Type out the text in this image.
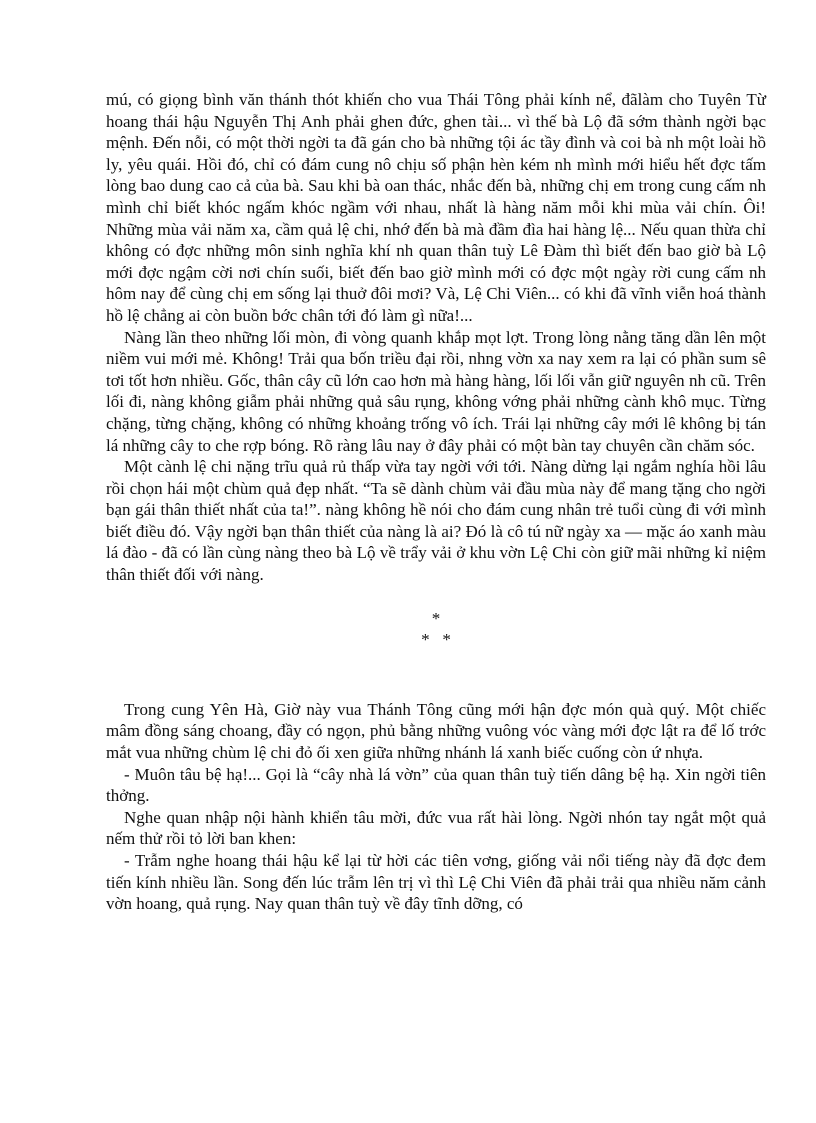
mú, có giọng bình văn thánh thót khiến cho vua Thái Tông phải kính nể, đãlàm cho Tuyên Từ hoang thái hậu Nguyễn Thị Anh phải ghen đức, ghen tài... vì thế bà Lộ đã sớm thành ngời bạc mệnh. Đến nỗi, có một thời ngời ta đã gán cho bà những tội ác tầy đình và coi bà nh một loài hồ ly, yêu quái. Hồi đó, chỉ có đám cung nô chịu số phận hèn kém nh mình mới hiểu hết đợc tấm lòng bao dung cao cả của bà. Sau khi bà oan thác, nhắc đến bà, những chị em trong cung cấm nh mình chỉ biết khóc ngấm khóc ngầm với nhau, nhất là hàng năm mỗi khi mùa vải chín. Ôi! Những mùa vải năm xa, cầm quả lệ chi, nhớ đến bà mà đầm đìa hai hàng lệ... Nếu quan thừa chỉ không có đợc những môn sinh nghĩa khí nh quan thân tuỳ Lê Đàm thì biết đến bao giờ bà Lộ mới đợc ngậm cời nơi chín suối, biết đến bao giờ mình mới có đợc một ngày rời cung cấm nh hôm nay để cùng chị em sống lại thuở đôi mơi? Và, Lệ Chi Viên... có khi đã vĩnh viễn hoá thành hồ lệ chẳng ai còn buồn bớc chân tới đó làm gì nữa!...

Nàng lần theo những lối mòn, đi vòng quanh khắp mọt lợt. Trong lòng nằng tăng dần lên một niềm vui mới mẻ. Không! Trải qua bốn triều đại rồi, nhng vờn xa nay xem ra lại có phần sum sê tơi tốt hơn nhiều. Gốc, thân cây cũ lớn cao hơn mà hàng hàng, lối lối vẫn giữ nguyên nh cũ. Trên lối đi, nàng không giẫm phải những quả sâu rụng, không vớng phải những cành khô mục. Từng chặng, từng chặng, không có những khoảng trống vô ích. Trái lại những cây mới lê không bị tán lá những cây to che rợp bóng. Rõ ràng lâu nay ở đây phải có một bàn tay chuyên cần chăm sóc.

Một cành lệ chi nặng trĩu quả rủ thấp vừa tay ngời với tới. Nàng dừng lại ngắm nghía hồi lâu rồi chọn hái một chùm quả đẹp nhất. “Ta sẽ dành chùm vải đầu mùa này để mang tặng cho ngời bạn gái thân thiết nhất của ta!”. nàng không hề nói cho đám cung nhân trẻ tuổi cùng đi với mình biết điều đó. Vậy ngời bạn thân thiết của nàng là ai? Đó là cô tú nữ ngày xa — mặc áo xanh màu lá đào - đã có lần cùng nàng theo bà Lộ về trẩy vải ở khu vờn Lệ Chi còn giữ mãi những kỉ niệm thân thiết đối với nàng.

*
*   *

Trong cung Yên Hà, Giờ này vua Thánh Tông cũng mới hận đợc món quà quý. Một chiếc mâm đồng sáng choang, đầy có ngọn, phủ bằng những vuông vóc vàng mới đợc lật ra để lố trớc mắt vua những chùm lệ chi đỏ ối xen giữa những nhánh lá xanh biếc cuống còn ứ nhựa.

- Muôn tâu bệ hạ!... Gọi là “cây nhà lá vờn” của quan thân tuỳ tiến dâng bệ hạ. Xin ngời tiên thởng.

Nghe quan nhập nội hành khiển tâu mời, đức vua rất hài lòng. Ngời nhón tay ngắt một quả nếm thử rồi tỏ lời ban khen:

- Trẫm nghe hoang thái hậu kể lại từ hời các tiên vơng, giống vải nổi tiếng này đã đợc đem tiến kính nhiều lần. Song đến lúc trẫm lên trị vì thì Lệ Chi Viên đã phải trải qua nhiều năm cảnh vờn hoang, quả rụng. Nay quan thân tuỳ về đây tĩnh dỡng, có
